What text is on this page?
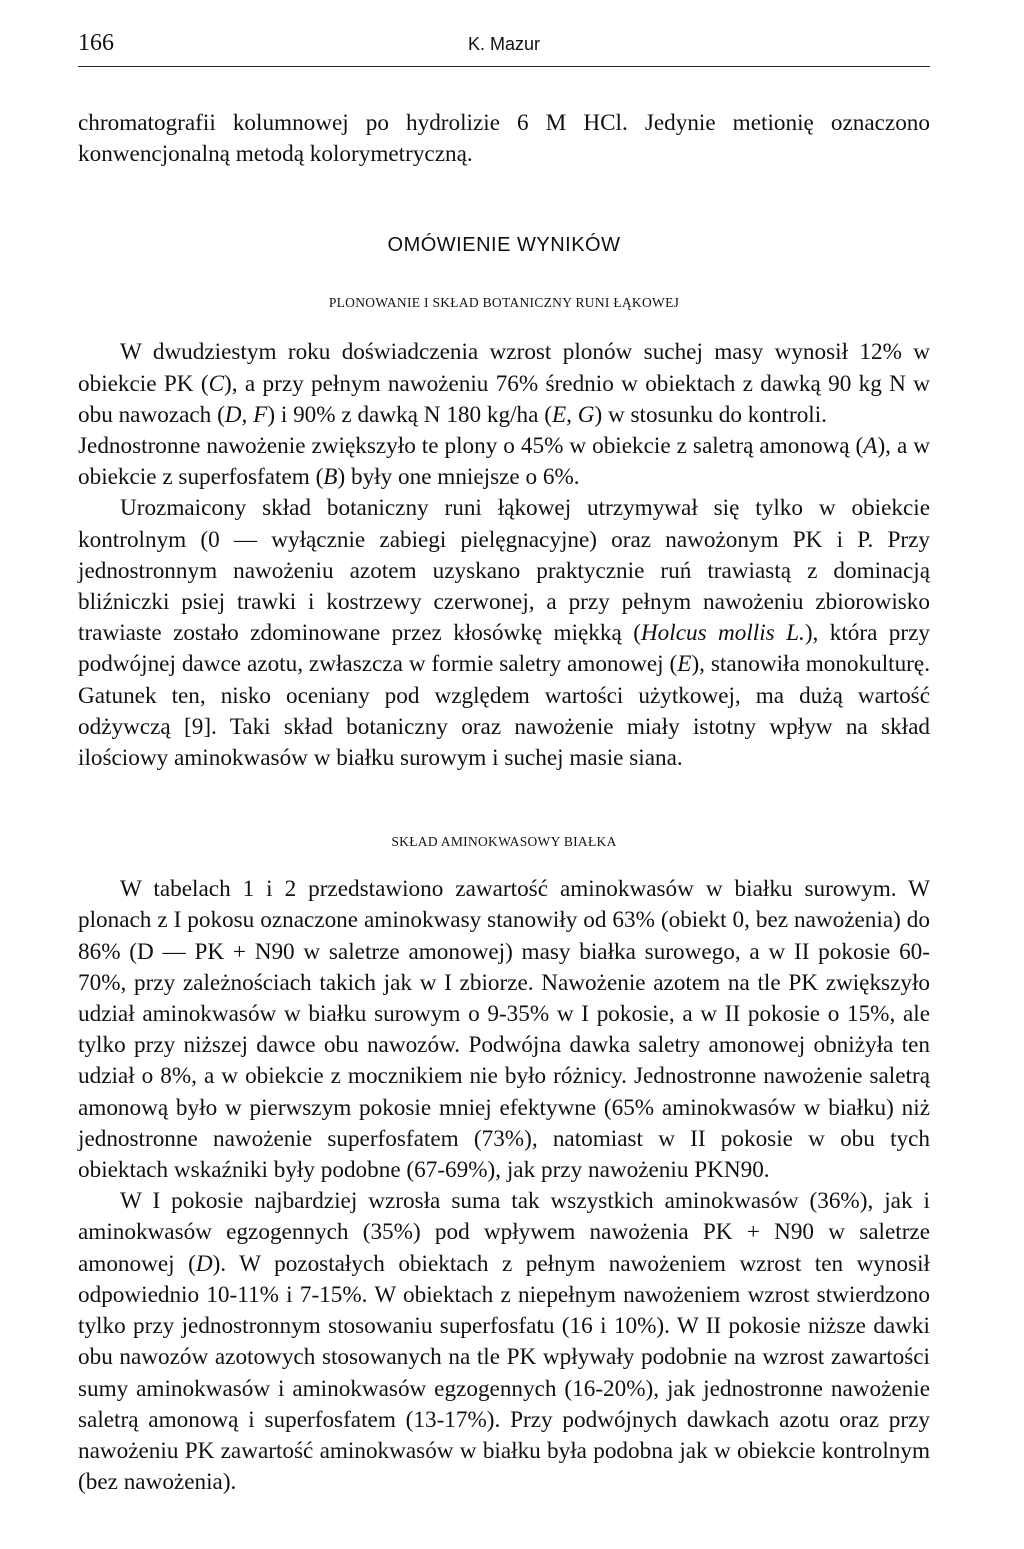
166	K. Mazur

chromatografii kolumnowej po hydrolizie 6 M HCl. Jedynie metionię oznaczono konwencjonalną metodą kolorymetryczną.

OMÓWIENIE WYNIKÓW
PLONOWANIE I SKŁAD BOTANICZNY RUNI ŁĄKOWEJ

W dwudziestym roku doświadczenia wzrost plonów suchej masy wynosił 12% w obiekcie PK (C), a przy pełnym nawożeniu 76% średnio w obiektach z dawką 90 kg N w obu nawozach (D, F) i 90% z dawką N 180 kg/ha (E, G) w stosunku do kontroli.

Jednostronne nawożenie zwiększyło te plony o 45% w obiekcie z saletrą amonową (A), a w obiekcie z superfosfatem (B) były one mniejsze o 6%.

Urozmaicony skład botaniczny runi łąkowej utrzymywał się tylko w obiekcie kontrolnym (0 — wyłącznie zabiegi pielęgnacyjne) oraz nawożonym PK i P. Przy jednostronnym nawożeniu azotem uzyskano praktycznie ruń trawiastą z dominacją bliźniczki psiej trawki i kostrzewy czerwonej, a przy pełnym nawożeniu zbiorowisko trawiaste zostało zdominowane przez kłosówkę miękką (Holcus mollis L.), która przy podwójnej dawce azotu, zwłaszcza w formie saletry amonowej (E), stanowiła monokulturę. Gatunek ten, nisko oceniany pod względem wartości użytkowej, ma dużą wartość odżywczą [9]. Taki skład botaniczny oraz nawożenie miały istotny wpływ na skład ilościowy aminokwasów w białku surowym i suchej masie siana.

SKŁAD AMINOKWASOWY BIAŁKA

W tabelach 1 i 2 przedstawiono zawartość aminokwasów w białku surowym. W plonach z I pokosu oznaczone aminokwasy stanowiły od 63% (obiekt 0, bez nawożenia) do 86% (D — PK + N90 w saletrze amonowej) masy białka surowego, a w II pokosie 60-70%, przy zależnościach takich jak w I zbiorze. Nawożenie azotem na tle PK zwiększyło udział aminokwasów w białku surowym o 9-35% w I pokosie, a w II pokosie o 15%, ale tylko przy niższej dawce obu nawozów. Podwójna dawka saletry amonowej obniżyła ten udział o 8%, a w obiekcie z mocznikiem nie było różnicy. Jednostronne nawożenie saletrą amonową było w pierwszym pokosie mniej efektywne (65% aminokwasów w białku) niż jednostronne nawożenie superfosfatem (73%), natomiast w II pokosie w obu tych obiektach wskaźniki były podobne (67-69%), jak przy nawożeniu PKN90.

W I pokosie najbardziej wzrosła suma tak wszystkich aminokwasów (36%), jak i aminokwasów egzogennych (35%) pod wpływem nawożenia PK + N90 w saletrze amonowej (D). W pozostałych obiektach z pełnym nawożeniem wzrost ten wynosił odpowiednio 10-11% i 7-15%. W obiektach z niepełnym nawożeniem wzrost stwierdzono tylko przy jednostronnym stosowaniu superfosfatu (16 i 10%). W II pokosie niższe dawki obu nawozów azotowych stosowanych na tle PK wpływały podobnie na wzrost zawartości sumy aminokwasów i aminokwasów egzogennych (16-20%), jak jednostronne nawożenie saletrą amonową i superfosfatem (13-17%). Przy podwójnych dawkach azotu oraz przy nawożeniu PK zawartość aminokwasów w białku była podobna jak w obiekcie kontrolnym (bez nawożenia).
